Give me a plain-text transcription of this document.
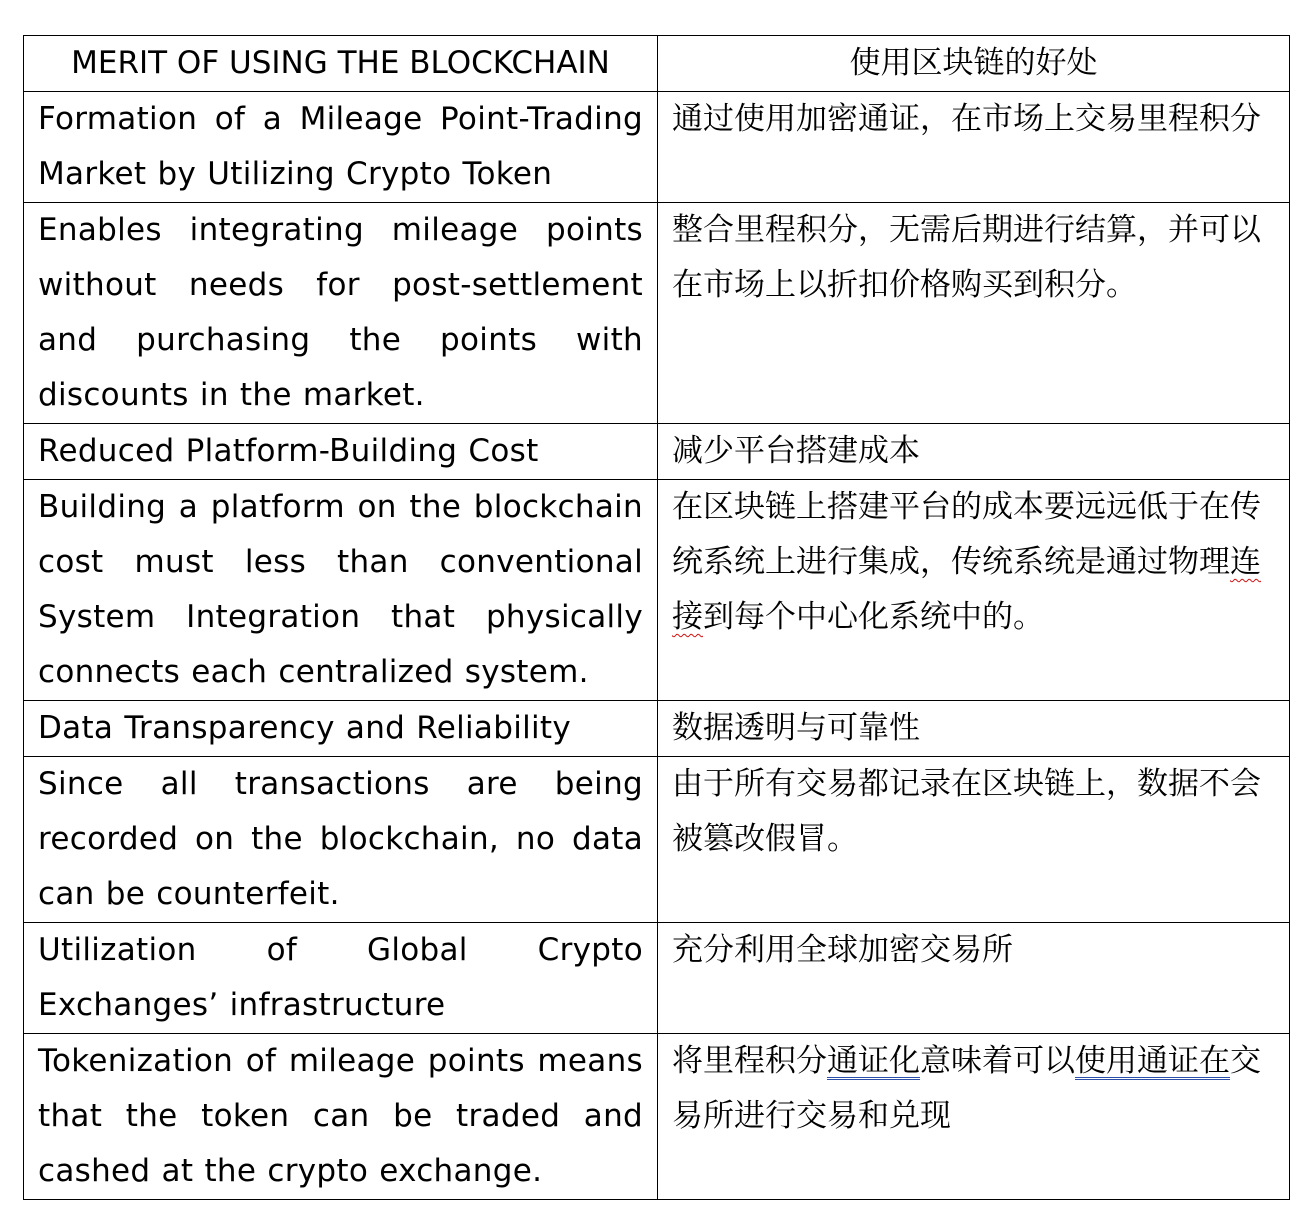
MERIT OF USING THE BLOCKCHAIN	使用区块链的好处
Formation of a Mileage Point-Trading Market by Utilizing Crypto Token	通过使用加密通证，在市场上交易里程积分
Enables integrating mileage points without needs for post-settlement and purchasing the points with discounts in the market.	整合里程积分，无需后期进行结算，并可以在市场上以折扣价格购买到积分。
Reduced Platform-Building Cost	减少平台搭建成本
Building a platform on the blockchain cost must less than conventional System Integration that physically connects each centralized system.	在区块链上搭建平台的成本要远远低于在传统系统上进行集成，传统系统是通过物理连接到每个中心化系统中的。
Data Transparency and Reliability	数据透明与可靠性
Since all transactions are being recorded on the blockchain, no data can be counterfeit.	由于所有交易都记录在区块链上，数据不会被篡改假冒。
Utilization of Global Crypto Exchanges’ infrastructure	充分利用全球加密交易所
Tokenization of mileage points means that the token can be traded and cashed at the crypto exchange.	将里程积分通证化意味着可以使用通证在交易所进行交易和兑现
